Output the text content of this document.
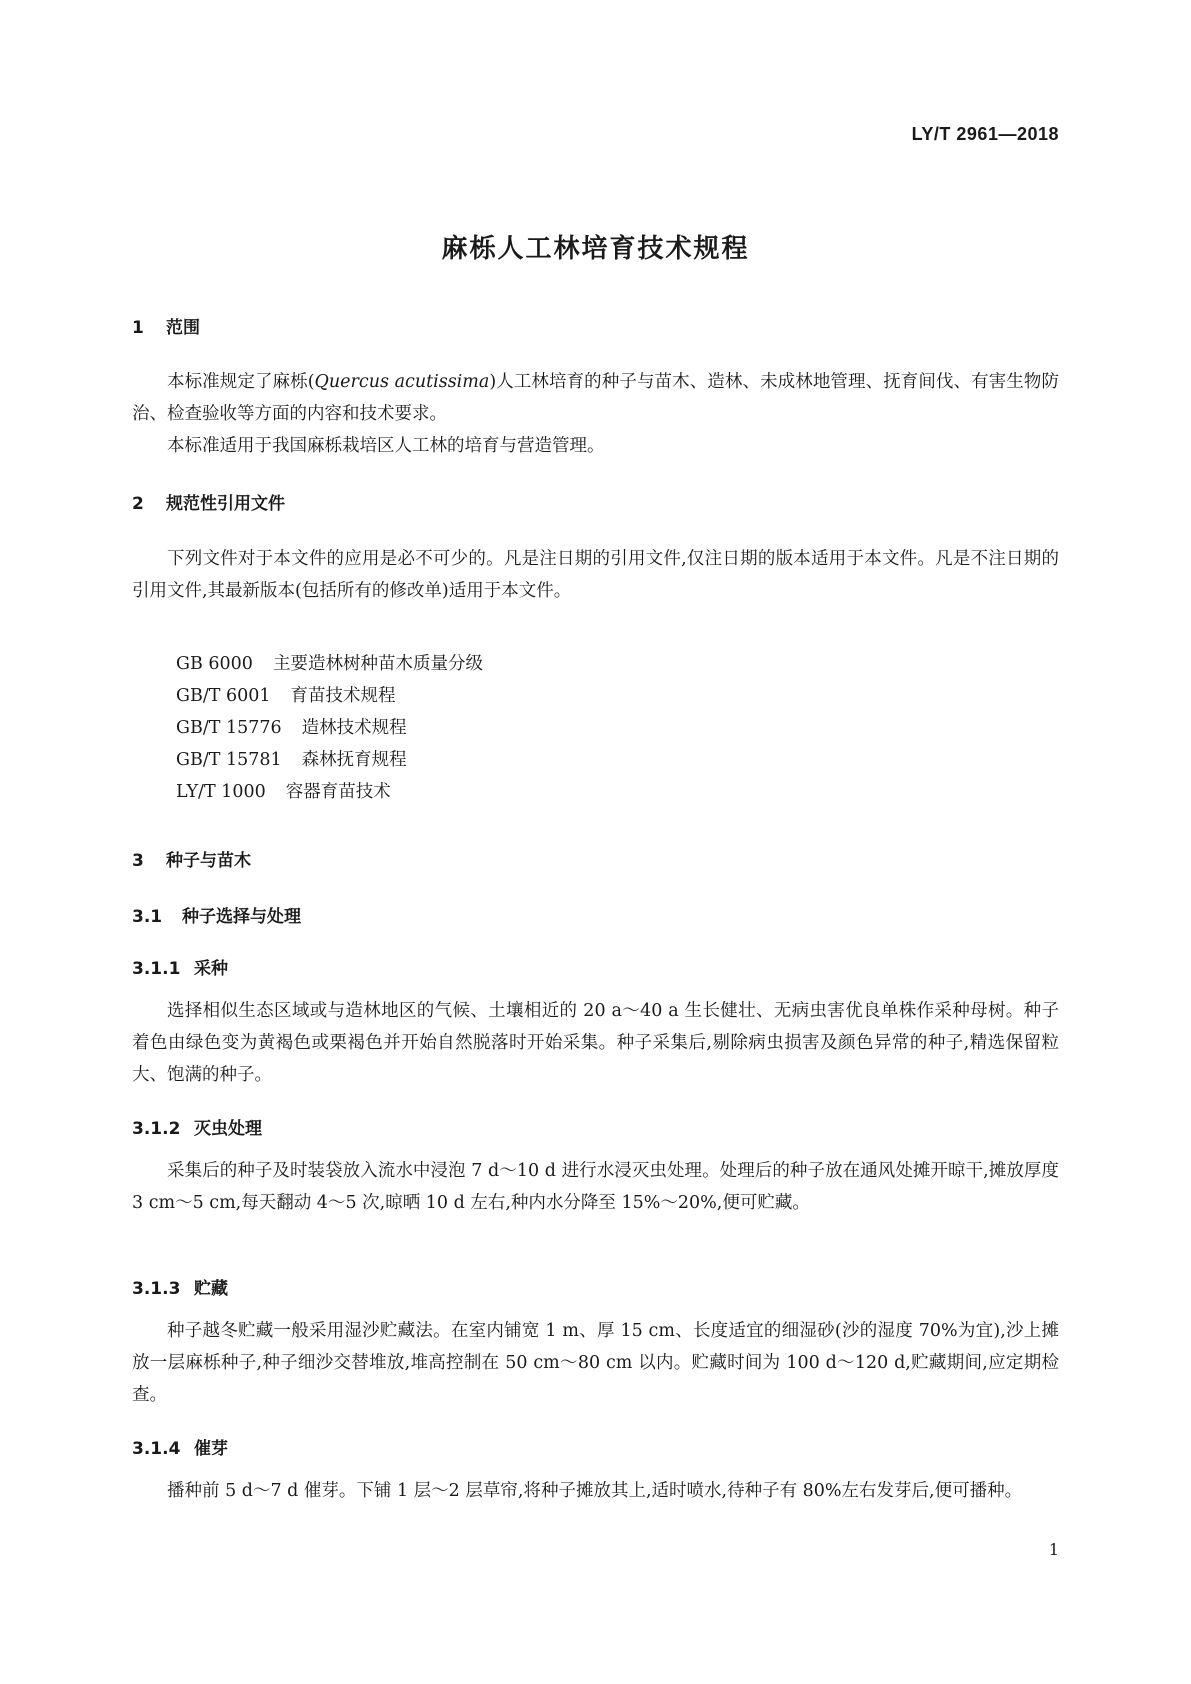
LY/T 2961—2018
麻栎人工林培育技术规程
1 范围
本标准规定了麻栎(Quercus acutissima)人工林培育的种子与苗木、造林、未成林地管理、抚育间伐、有害生物防治、检查验收等方面的内容和技术要求。
本标准适用于我国麻栎栽培区人工林的培育与营造管理。
2 规范性引用文件
下列文件对于本文件的应用是必不可少的。凡是注日期的引用文件,仅注日期的版本适用于本文件。凡是不注日期的引用文件,其最新版本(包括所有的修改单)适用于本文件。
GB 6000 主要造林树种苗木质量分级
GB/T 6001 育苗技术规程
GB/T 15776 造林技术规程
GB/T 15781 森林抚育规程
LY/T 1000 容器育苗技术
3 种子与苗木
3.1 种子选择与处理
3.1.1 采种
选择相似生态区域或与造林地区的气候、土壤相近的 20 a～40 a 生长健壮、无病虫害优良单株作采种母树。种子着色由绿色变为黄褐色或栗褐色并开始自然脱落时开始采集。种子采集后,剔除病虫损害及颜色异常的种子,精选保留粒大、饱满的种子。
3.1.2 灭虫处理
采集后的种子及时装袋放入流水中浸泡 7 d～10 d 进行水浸灭虫处理。处理后的种子放在通风处摊开晾干,摊放厚度 3 cm～5 cm,每天翻动 4～5 次,晾晒 10 d 左右,种内水分降至 15%～20%,便可贮藏。
3.1.3 贮藏
种子越冬贮藏一般采用湿沙贮藏法。在室内铺宽 1 m、厚 15 cm、长度适宜的细湿砂(沙的湿度 70%为宜),沙上摊放一层麻栎种子,种子细沙交替堆放,堆高控制在 50 cm～80 cm 以内。贮藏时间为 100 d～120 d,贮藏期间,应定期检查。
3.1.4 催芽
播种前 5 d～7 d 催芽。下铺 1 层～2 层草帘,将种子摊放其上,适时喷水,待种子有 80%左右发芽后,便可播种。
1
